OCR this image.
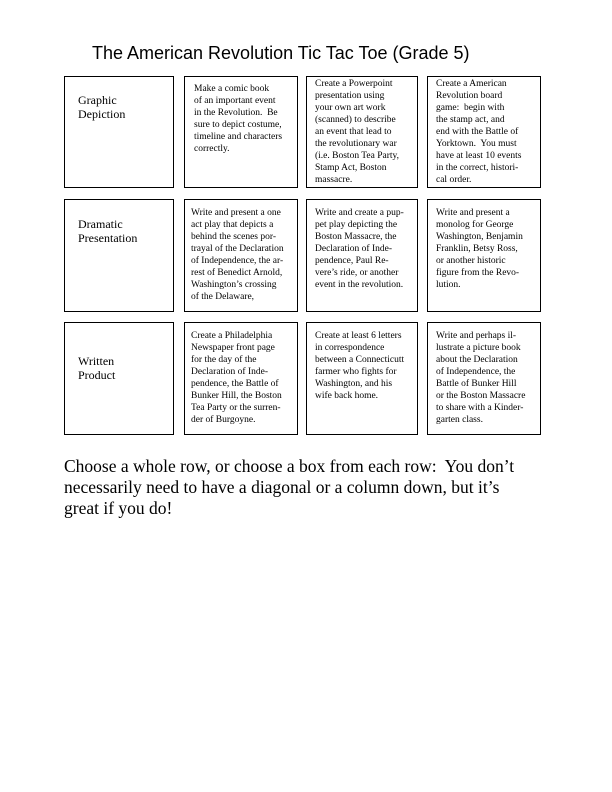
The American Revolution Tic Tac Toe (Grade 5)
Graphic
Depiction
Make a comic book
of an important event
in the Revolution.  Be
sure to depict costume,
timeline and characters
correctly.
Create a Powerpoint
presentation using
your own art work
(scanned) to describe
an event that lead to
the revolutionary war
(i.e. Boston Tea Party,
Stamp Act, Boston
massacre.
Create a American
Revolution board
game:  begin with
the stamp act, and
end with the Battle of
Yorktown.  You must
have at least 10 events
in the correct, histori-
cal order.
Dramatic
Presentation
Write and present a one
act play that depicts a
behind the scenes por-
trayal of the Declaration
of Independence, the ar-
rest of Benedict Arnold,
Washington’s crossing
of the Delaware,
Write and create a pup-
pet play depicting the
Boston Massacre, the
Declaration of Inde-
pendence, Paul Re-
vere’s ride, or another
event in the revolution.
Write and present a
monolog for George
Washington, Benjamin
Franklin, Betsy Ross,
or another historic
figure from the Revo-
lution.
Written
Product
Create a Philadelphia
Newspaper front page
for the day of the
Declaration of Inde-
pendence, the Battle of
Bunker Hill, the Boston
Tea Party or the surren-
der of Burgoyne.
Create at least 6 letters
in correspondence
between a Connecticutt
farmer who fights for
Washington, and his
wife back home.
Write and perhaps il-
lustrate a picture book
about the Declaration
of Independence, the
Battle of Bunker Hill
or the Boston Massacre
to share with a Kinder-
garten class.
Choose a whole row, or choose a box from each row:  You don’t
necessarily need to have a diagonal or a column down, but it’s
great if you do!
